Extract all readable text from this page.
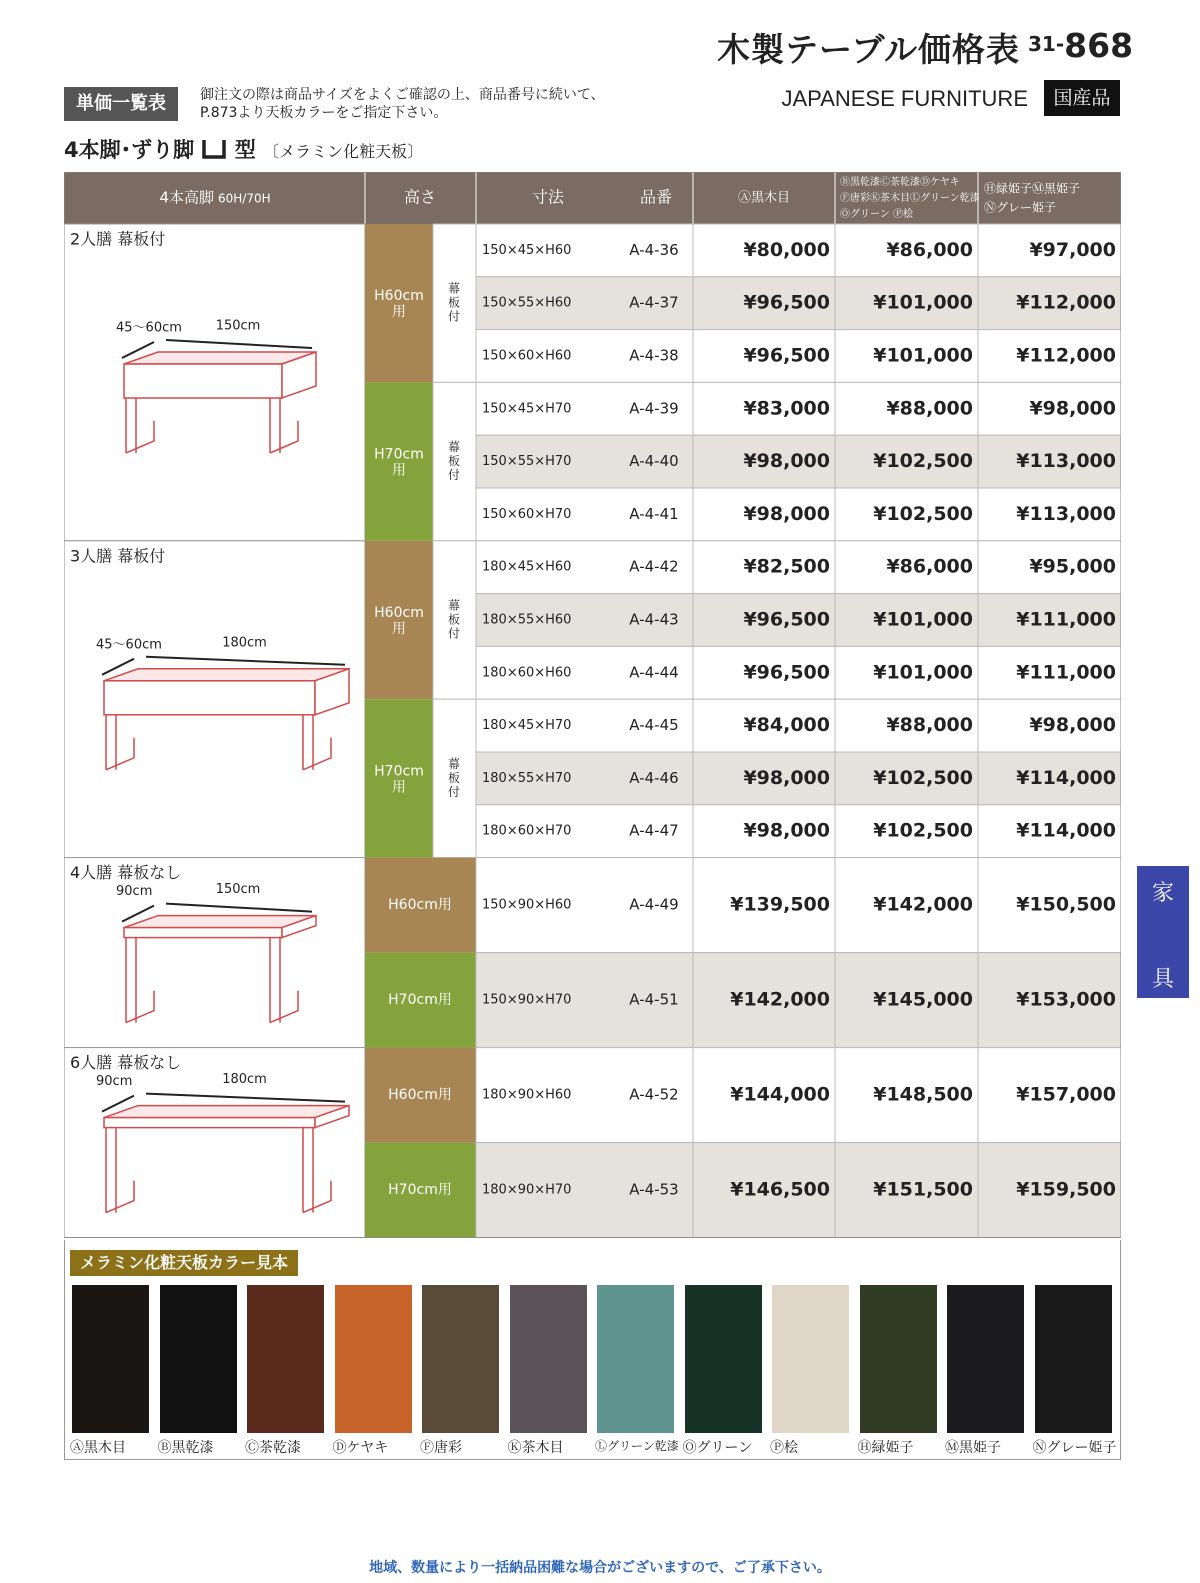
木製テーブル価格表 31-868
JAPANESE FURNITURE	国産品
単価一覧表	御注文の際は商品サイズをよくご確認の上、商品番号に続いて、
P.873より天板カラーをご指定下さい。
4本脚･ずり脚 型 〔メラミン化粧天板〕
4本高脚 60H/70H	高さ	寸法	品番	Ⓐ黒木目
Ⓑ黒乾漆Ⓒ茶乾漆Ⓓケヤキ
Ⓕ唐彩Ⓚ茶木目Ⓛグリーン乾漆
Ⓞグリーン Ⓟ桧
Ⓗ緑姫子Ⓜ黒姫子
Ⓝグレー姫子
2人膳 幕板付
150cm
45〜60cm
H60cm
用
幕
板
付
150×45×H60	A-4-36	¥80,000	¥86,000	¥97,000
150×55×H60	A-4-37	¥96,500 ¥101,000 ¥112,000
150×60×H60	A-4-38	¥96,500 ¥101,000 ¥112,000
H70cm
用
幕
板
付
150×45×H70	A-4-39	¥83,000	¥88,000	¥98,000
150×55×H70	A-4-40	¥98,000 ¥102,500 ¥113,000
150×60×H70	A-4-41	¥98,000 ¥102,500 ¥113,000
3人膳 幕板付
180cm
45〜60cm
H60cm
用
幕
板
付
180×45×H60	A-4-42	¥82,500	¥86,000	¥95,000
180×55×H60	A-4-43	¥96,500 ¥101,000 ¥111,000
180×60×H60	A-4-44	¥96,500 ¥101,000 ¥111,000
H70cm
用
幕
板
付
180×45×H70	A-4-45	¥84,000	¥88,000	¥98,000
180×55×H70	A-4-46	¥98,000 ¥102,500 ¥114,000
180×60×H70	A-4-47	¥98,000 ¥102,500 ¥114,000
4人膳 幕板なし
150cm
90cm
H60cm用 150×90×H60	A-4-49	¥139,500 ¥142,000 ¥150,500
H70cm用 150×90×H70	A-4-51	¥142,000 ¥145,000 ¥153,000
6人膳 幕板なし
180cm
90cm
H60cm用 180×90×H60	A-4-52	¥144,000 ¥148,500 ¥157,000
H70cm用 180×90×H70	A-4-53	¥146,500 ¥151,500 ¥159,500
メラミン化粧天板カラー見本
Ⓐ黒木目	Ⓑ黒乾漆	Ⓒ茶乾漆	Ⓓケヤキ	Ⓕ唐彩	Ⓚ茶木目	Ⓛグリーン乾漆 Ⓞグリーン	Ⓟ桧	Ⓗ緑姫子	Ⓜ黒姫子	Ⓝグレー姫子
家
具
地域、数量により一括納品困難な場合がございますので、ご了承下さい。
